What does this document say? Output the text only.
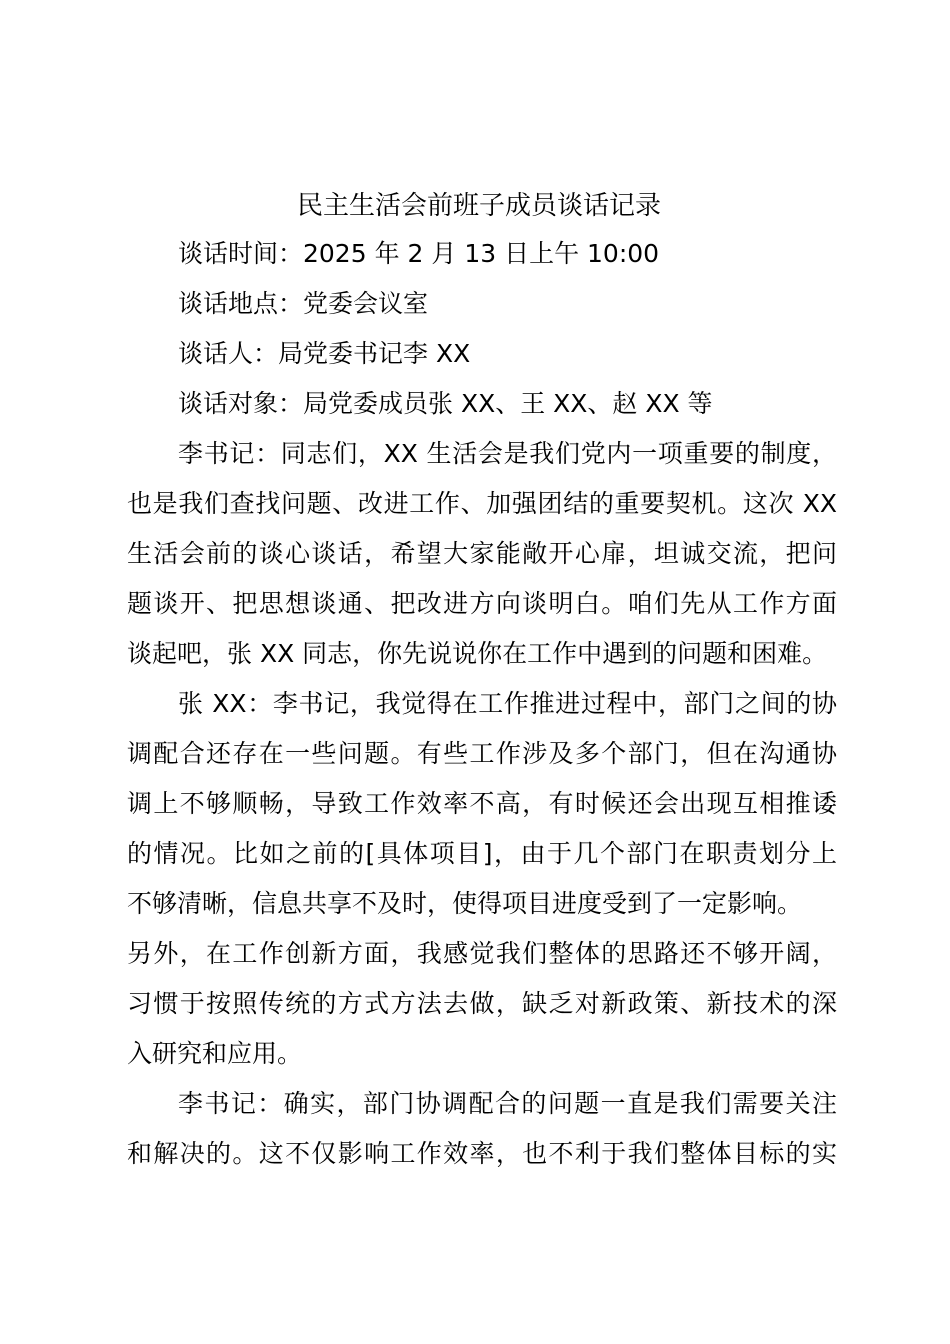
民主生活会前班子成员谈话记录
谈话时间：2025 年 2 月 13 日上午 10:00
谈话地点：党委会议室
谈话人：局党委书记李 XX
谈话对象：局党委成员张 XX、王 XX、赵 XX 等
李书记：同志们，XX 生活会是我们党内一项重要的制度，
也是我们查找问题、改进工作、加强团结的重要契机。这次 XX
生活会前的谈心谈话，希望大家能敞开心扉，坦诚交流，把问
题谈开、把思想谈通、把改进方向谈明白。咱们先从工作方面
谈起吧，张 XX 同志，你先说说你在工作中遇到的问题和困难。
张 XX：李书记，我觉得在工作推进过程中，部门之间的协
调配合还存在一些问题。有些工作涉及多个部门，但在沟通协
调上不够顺畅，导致工作效率不高，有时候还会出现互相推诿
的情况。比如之前的[具体项目]，由于几个部门在职责划分上
不够清晰，信息共享不及时，使得项目进度受到了一定影响。
另外，在工作创新方面，我感觉我们整体的思路还不够开阔，
习惯于按照传统的方式方法去做，缺乏对新政策、新技术的深
入研究和应用。
李书记：确实，部门协调配合的问题一直是我们需要关注
和解决的。这不仅影响工作效率，也不利于我们整体目标的实
